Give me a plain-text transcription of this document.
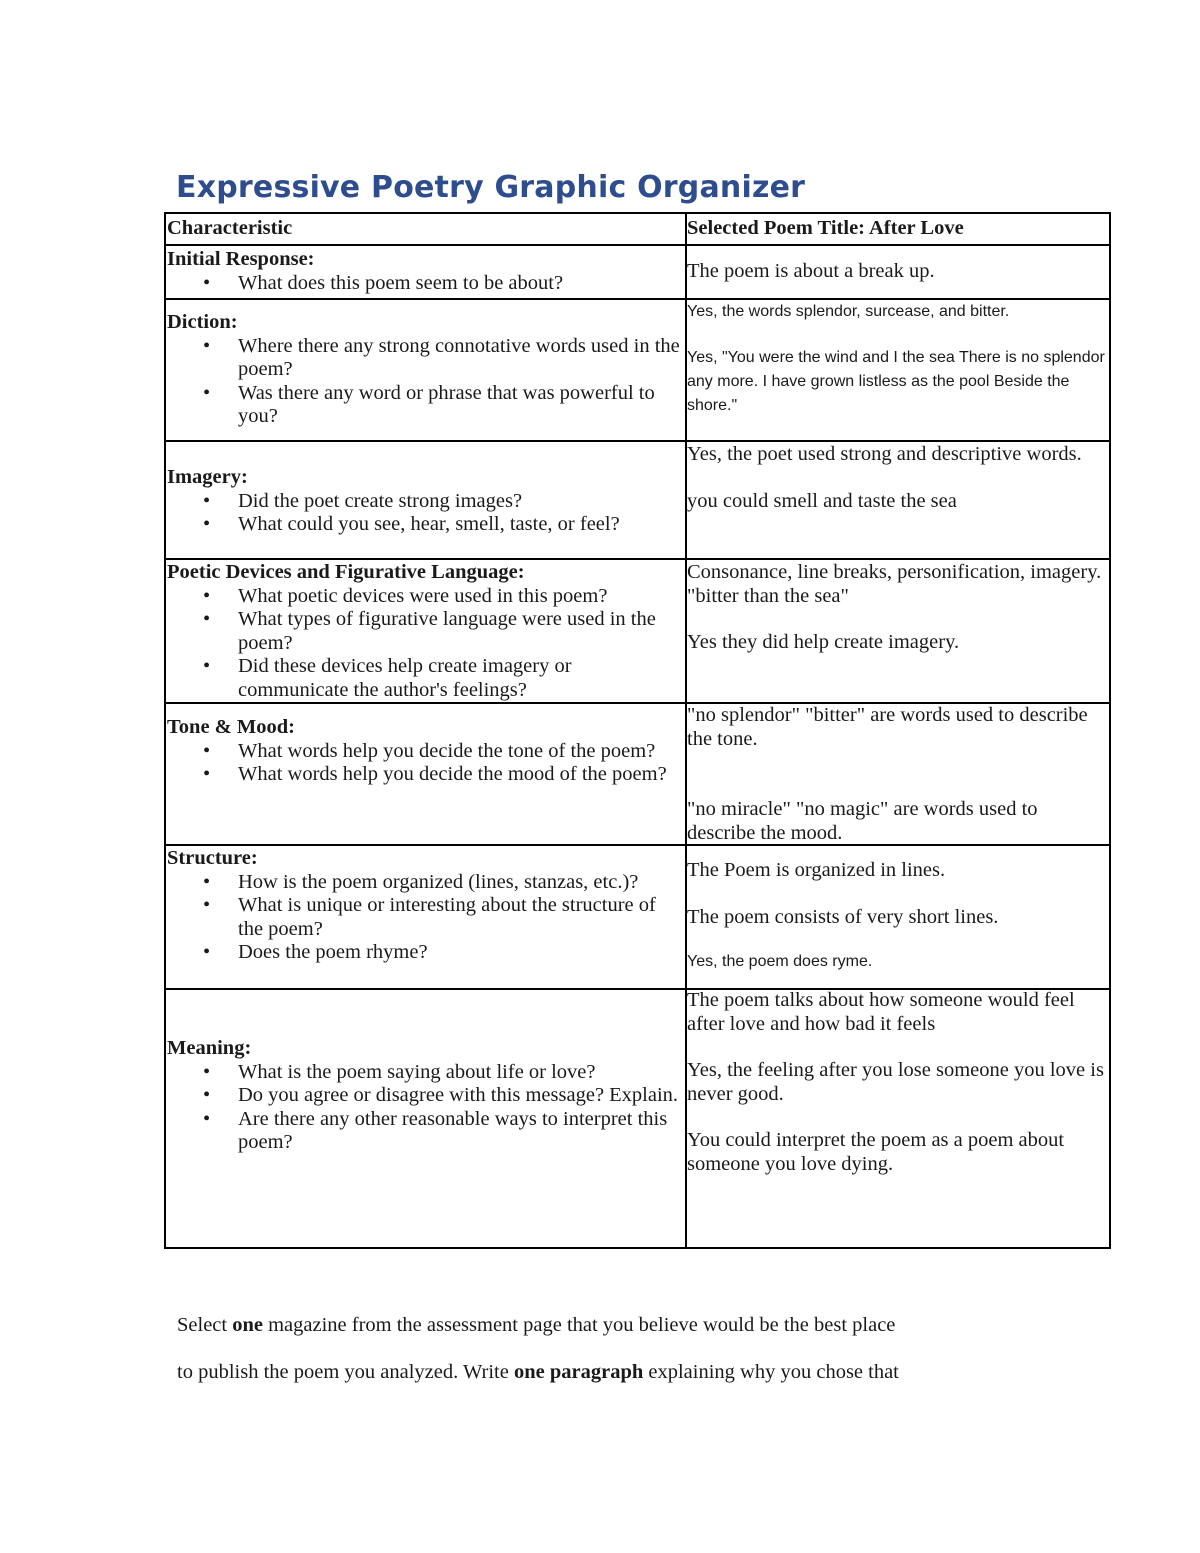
Expressive Poetry Graphic Organizer

Characteristic	Selected Poem Title: After Love

Initial Response:

• What does this poem seem to be about?

The poem is about a break up.

Diction:

• Where there any strong connotative words used in the poem?
• Was there any word or phrase that was powerful to you?

Yes, the words splendor, surcease, and bitter.

Yes, "You were the wind and I the sea There is no splendor any more. I have grown listless as the pool Beside the shore."

Imagery:

• Did the poet create strong images?
• What could you see, hear, smell, taste, or feel?

Yes, the poet used strong and descriptive words.

you could smell and taste the sea

Poetic Devices and Figurative Language:

• What poetic devices were used in this poem?
• What types of figurative language were used in the poem?
• Did these devices help create imagery or communicate the author's feelings?

Consonance, line breaks, personification, imagery.

"bitter than the sea"

Yes they did help create imagery.

Tone & Mood:

• What words help you decide the tone of the poem?
• What words help you decide the mood of the poem?

"no splendor" "bitter" are words used to describe the tone.

"no miracle" "no magic" are words used to describe the mood.

Structure:

• How is the poem organized (lines, stanzas, etc.)?
• What is unique or interesting about the structure of the poem?
• Does the poem rhyme?

The Poem is organized in lines.

The poem consists of very short lines.

Yes, the poem does ryme.

Meaning:

• What is the poem saying about life or love?
• Do you agree or disagree with this message? Explain.
• Are there any other reasonable ways to interpret this poem?

The poem talks about how someone would feel after love and how bad it feels

Yes, the feeling after you lose someone you love is never good.

You could interpret the poem as a poem about someone you love dying.

Select one magazine from the assessment page that you believe would be the best place
to publish the poem you analyzed. Write one paragraph explaining why you chose that
